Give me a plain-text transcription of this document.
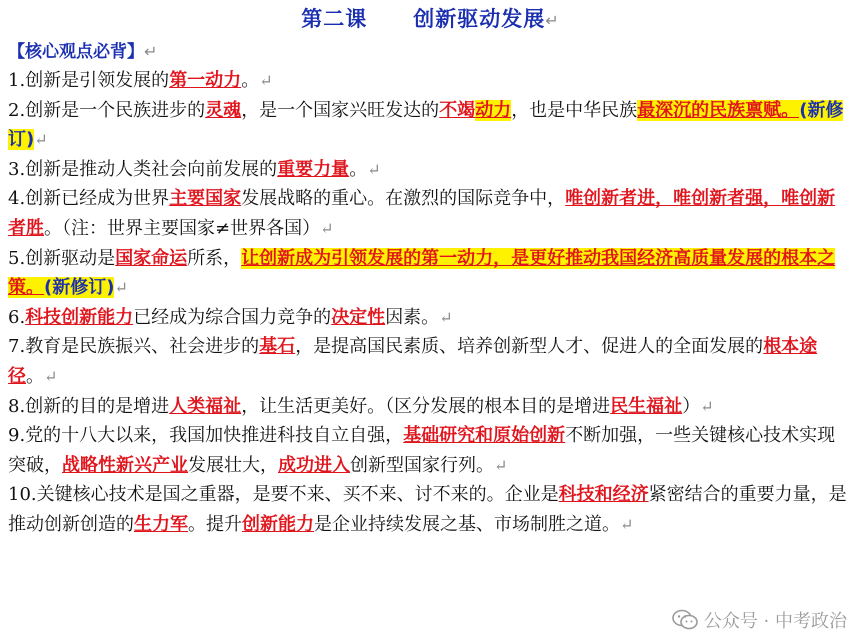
第二课 创新驱动发展↵
【核心观点必背】↵

1.创新是引领发展的第一动力。↵

2.创新是一个民族进步的灵魂，是一个国家兴旺发达的不竭动力，也是中华民族最深沉的民族禀赋。(新修订)↵

3.创新是推动人类社会向前发展的重要力量。↵

4.创新已经成为世界主要国家发展战略的重心。在激烈的国际竞争中，唯创新者进，唯创新者强，唯创新者胜。（注：世界主要国家≠世界各国）↵

5.创新驱动是国家命运所系，让创新成为引领发展的第一动力，是更好推动我国经济高质量发展的根本之策。(新修订)↵

6.科技创新能力已经成为综合国力竞争的决定性因素。↵

7.教育是民族振兴、社会进步的基石，是提高国民素质、培养创新型人才、促进人的全面发展的根本途径。↵

8.创新的目的是增进人类福祉，让生活更美好。（区分发展的根本目的是增进民生福祉）↵

9.党的十八大以来，我国加快推进科技自立自强，基础研究和原始创新不断加强，一些关键核心技术实现突破，战略性新兴产业发展壮大，成功进入创新型国家行列。↵

10.关键核心技术是国之重器，是要不来、买不来、讨不来的。企业是科技和经济紧密结合的重要力量，是推动创新创造的生力军。提升创新能力是企业持续发展之基、市场制胜之道。↵

公众号 · 中考政治
